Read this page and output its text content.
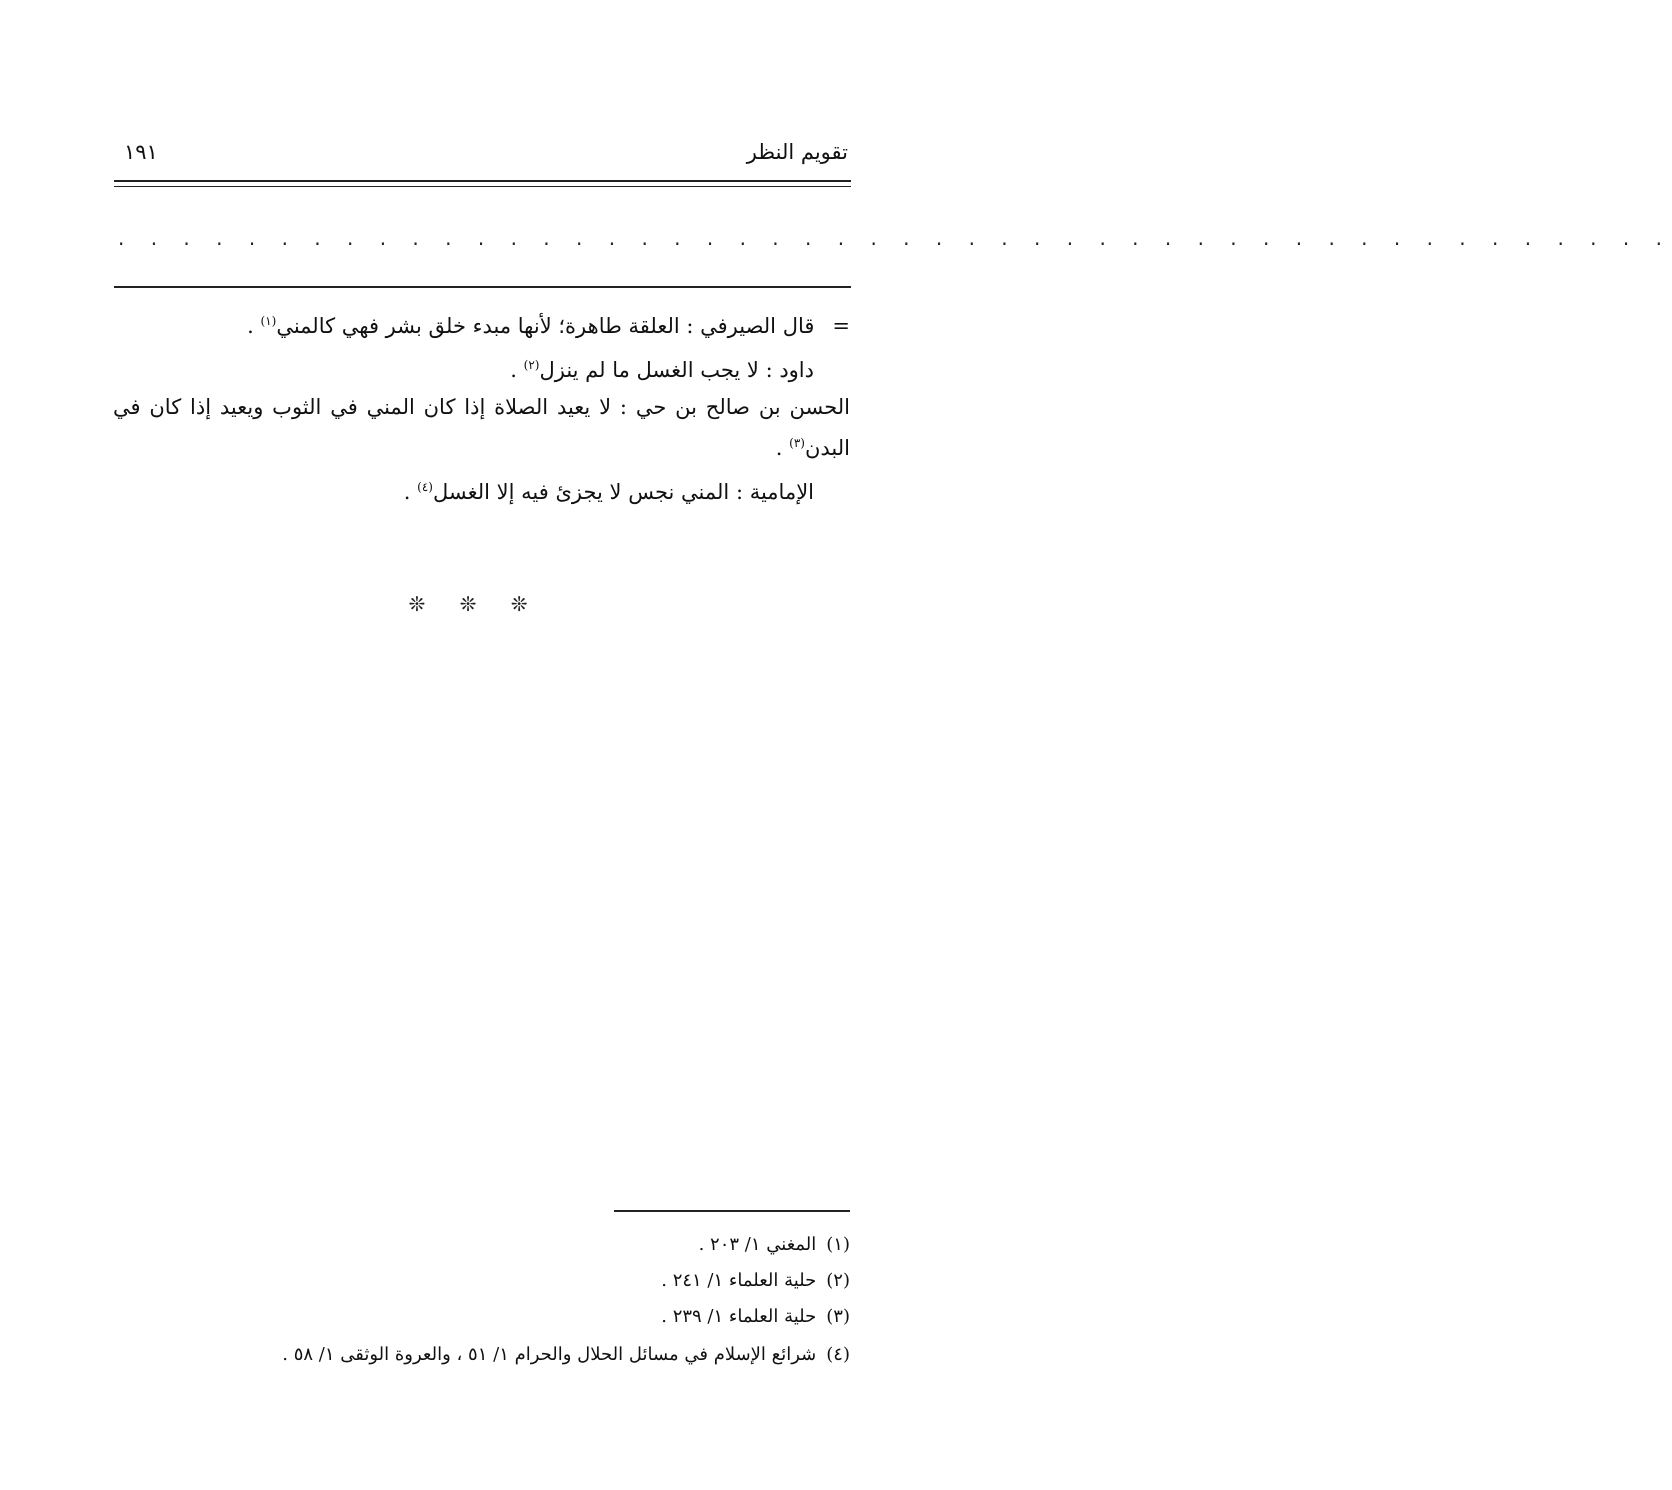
تقويم النظر
١٩١
. . . . . . . . . . . . . . . . . . . . . . . . . . . . . . . . . . . . . . . . . . . . . . . .
=قال الصيرفي : العلقة طاهرة؛ لأنها مبدء خلق بشر فهي كالمني$^{(١)}$ .
داود : لا يجب الغسل ما لم ينزل$^{(٢)}$ .
الحسن بن صالح بن حي : لا يعيد الصلاة إذا كان المني في الثوب ويعيد إذا كان في
البدن$^{(٣)}$ .
الإمامية : المني نجس لا يجزئ فيه إلا الغسل$^{(٤)}$ .
❊ ❊ ❊
(١)المغني ١/ ٢٠٣ .
(٢)حلية العلماء ١/ ٢٤١ .
(٣)حلية العلماء ١/ ٢٣٩ .
(٤)شرائع الإسلام في مسائل الحلال والحرام ١/ ٥١ ، والعروة الوثقى ١/ ٥٨ .
